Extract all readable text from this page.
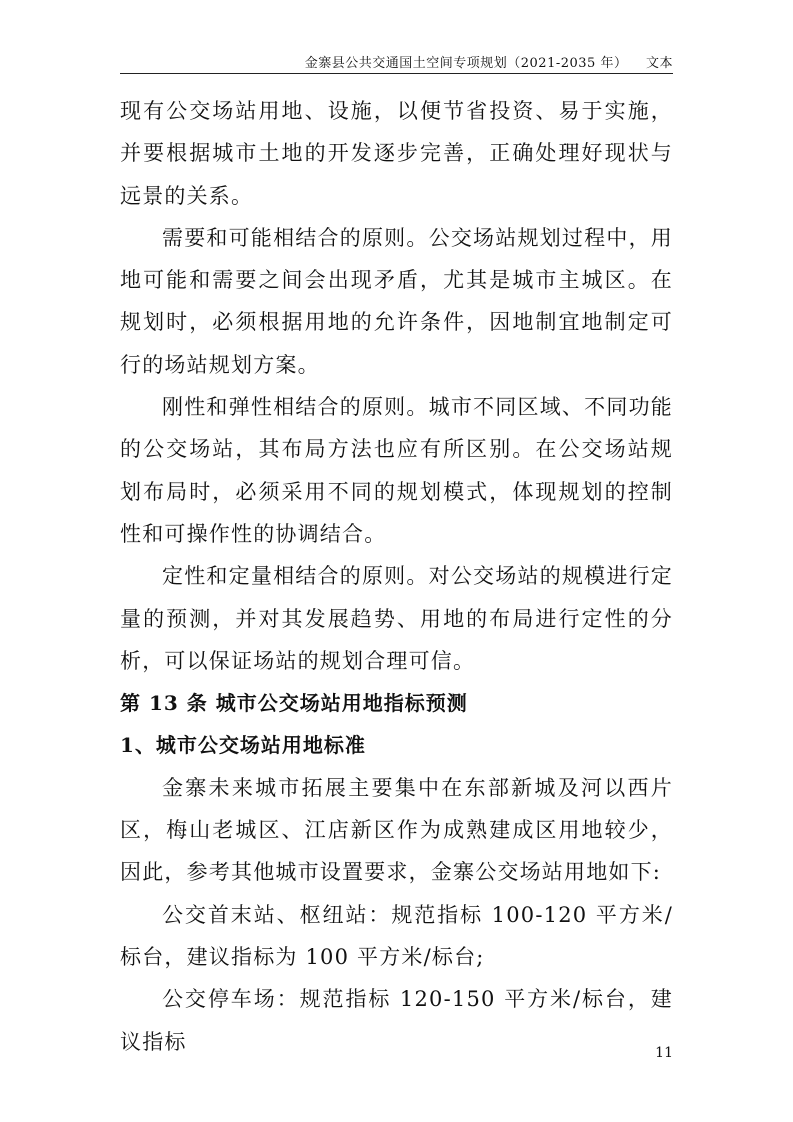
金寨县公共交通国土空间专项规划（2021-2035 年） 文本

现有公交场站用地、设施，以便节省投资、易于实施，并要根据城市土地的开发逐步完善，正确处理好现状与远景的关系。

需要和可能相结合的原则。公交场站规划过程中，用地可能和需要之间会出现矛盾，尤其是城市主城区。在规划时，必须根据用地的允许条件，因地制宜地制定可行的场站规划方案。

刚性和弹性相结合的原则。城市不同区域、不同功能的公交场站，其布局方法也应有所区别。在公交场站规划布局时，必须采用不同的规划模式，体现规划的控制性和可操作性的协调结合。

定性和定量相结合的原则。对公交场站的规模进行定量的预测，并对其发展趋势、用地的布局进行定性的分析，可以保证场站的规划合理可信。

第 13 条 城市公交场站用地指标预测

1、城市公交场站用地标准

金寨未来城市拓展主要集中在东部新城及河以西片区，梅山老城区、江店新区作为成熟建成区用地较少，因此，参考其他城市设置要求，金寨公交场站用地如下:

公交首末站、枢纽站：规范指标 100-120 平方米/标台，建议指标为 100 平方米/标台;

公交停车场：规范指标 120-150 平方米/标台，建议指标	11
